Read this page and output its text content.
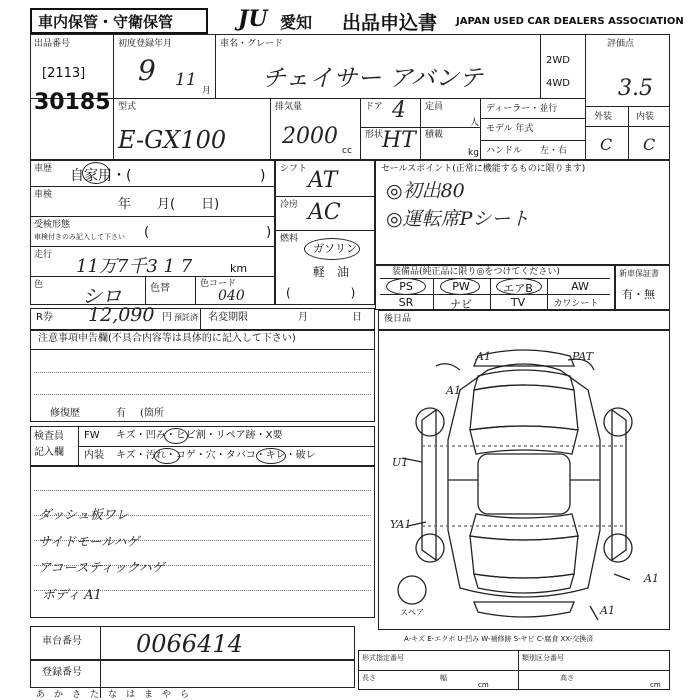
車内保管・守衛保管	JU 愛知 出品申込書 JAPAN USED CAR DEALERS ASSOCIATION
出品番号
[2113]
30185
初度登録年月
9 11
月
車名・グレード
チェイサー アバンテ
2WD
4WD
評価点
3.5
外装	内装
C C
型式
E-GX100
排気量
2000
cc
ドア 4
形状
HT
定員
人
積載
kg
ディーラー・並行
モデル 年式
ハンドル 左・右
車歴 自家用・(	)
車検
年　　月(　　日)
受検形態
車検付きのみ記入して下さい (　　　　　　　　　)
走行
11万7千3 1 7	km
色 シロ	色替	色コード
040
シフト AT
冷房 AC
燃料
ガソリン
軽　油
(　　　　　)
セールスポイント(正常に機能するものに限ります)
◎初出80
◎運転席Pシート
装備品(純正品に限り◎をつけてください)
PS	PW	エアB	AW
SR	ナビ	TV	カワシート
新車保証書
有・無
R券 12,090 円 預託済 名変期限	月	日 後日品
注意事項申告欄(不具合内容等は具体的に記入して下さい)
修復歴	有 (箇所
検査員
記入欄
FW キズ・凹み・ヒビ割・リペア跡・X要
内装 キズ・汚れ・コゲ・穴・タバコ・キレ・破レ
ダッシュ板ワレ
サイドモールハゲ
アコースティックハゲ
ボディ A1
A1	PAT
A1
U1
YA1
A1
A1
スペア
A-キズ E-エクボ U-凹み W-補修跡 S-サビ C-腐食 XX-交換済
車台番号 0066414
登録番号
形式指定番号	類別区分番号
長さ	幅	高さ
cm	cm
あ　か　さ　た　な　は　ま　や　ら
